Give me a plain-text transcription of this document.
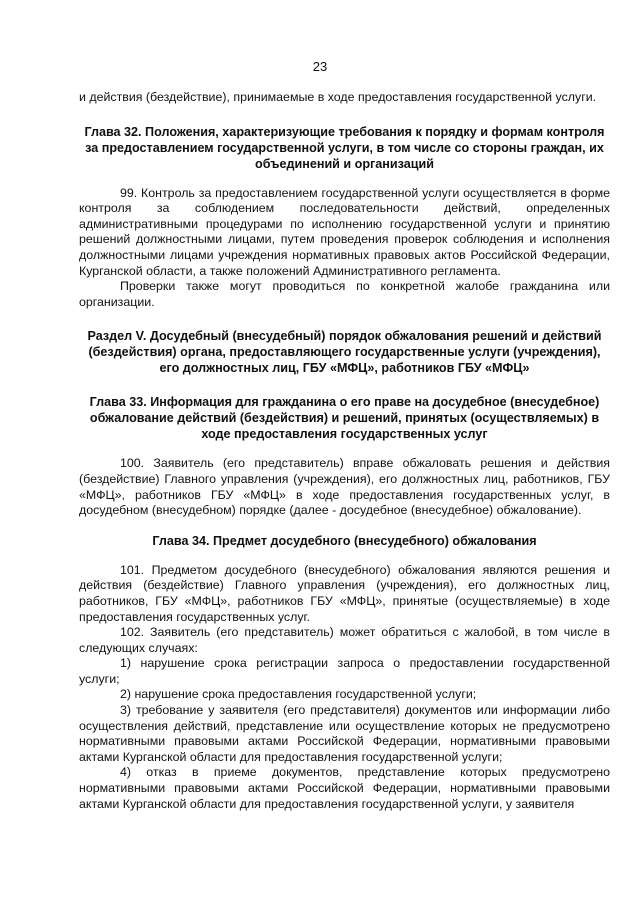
23

и действия (бездействие), принимаемые в ходе предоставления государственной услуги.

Глава 32. Положения, характеризующие требования к порядку и формам контроля за предоставлением государственной услуги, в том числе со стороны граждан, их объединений и организаций

99. Контроль за предоставлением государственной услуги осуществляется в форме контроля за соблюдением последовательности действий, определенных административными процедурами по исполнению государственной услуги и принятию решений должностными лицами, путем проведения проверок соблюдения и исполнения должностными лицами учреждения нормативных правовых актов Российской Федерации, Курганской области, а также положений Административного регламента.

Проверки также могут проводиться по конкретной жалобе гражданина или организации.

Раздел V. Досудебный (внесудебный) порядок обжалования решений и действий (бездействия) органа, предоставляющего государственные услуги (учреждения), его должностных лиц, ГБУ «МФЦ», работников ГБУ «МФЦ»
Глава 33. Информация для гражданина о его праве на досудебное (внесудебное) обжалование действий (бездействия) и решений, принятых (осуществляемых) в ходе предоставления государственных услуг

100. Заявитель (его представитель) вправе обжаловать решения и действия (бездействие) Главного управления (учреждения), его должностных лиц, работников, ГБУ «МФЦ», работников ГБУ «МФЦ» в ходе предоставления государственных услуг, в досудебном (внесудебном) порядке (далее - досудебное (внесудебное) обжалование).

Глава 34. Предмет досудебного (внесудебного) обжалования

101. Предметом досудебного (внесудебного) обжалования являются решения и действия (бездействие) Главного управления (учреждения), его должностных лиц, работников, ГБУ «МФЦ», работников ГБУ «МФЦ», принятые (осуществляемые) в ходе предоставления государственных услуг.

102. Заявитель (его представитель) может обратиться с жалобой, в том числе в следующих случаях:

1) нарушение срока регистрации запроса о предоставлении государственной услуги;

2) нарушение срока предоставления государственной услуги;

3) требование у заявителя (его представителя) документов или информации либо осуществления действий, представление или осуществление которых не предусмотрено нормативными правовыми актами Российской Федерации, нормативными правовыми актами Курганской области для предоставления государственной услуги;

4) отказ в приеме документов, представление которых предусмотрено нормативными правовыми актами Российской Федерации, нормативными правовыми актами Курганской области для предоставления государственной услуги, у заявителя
